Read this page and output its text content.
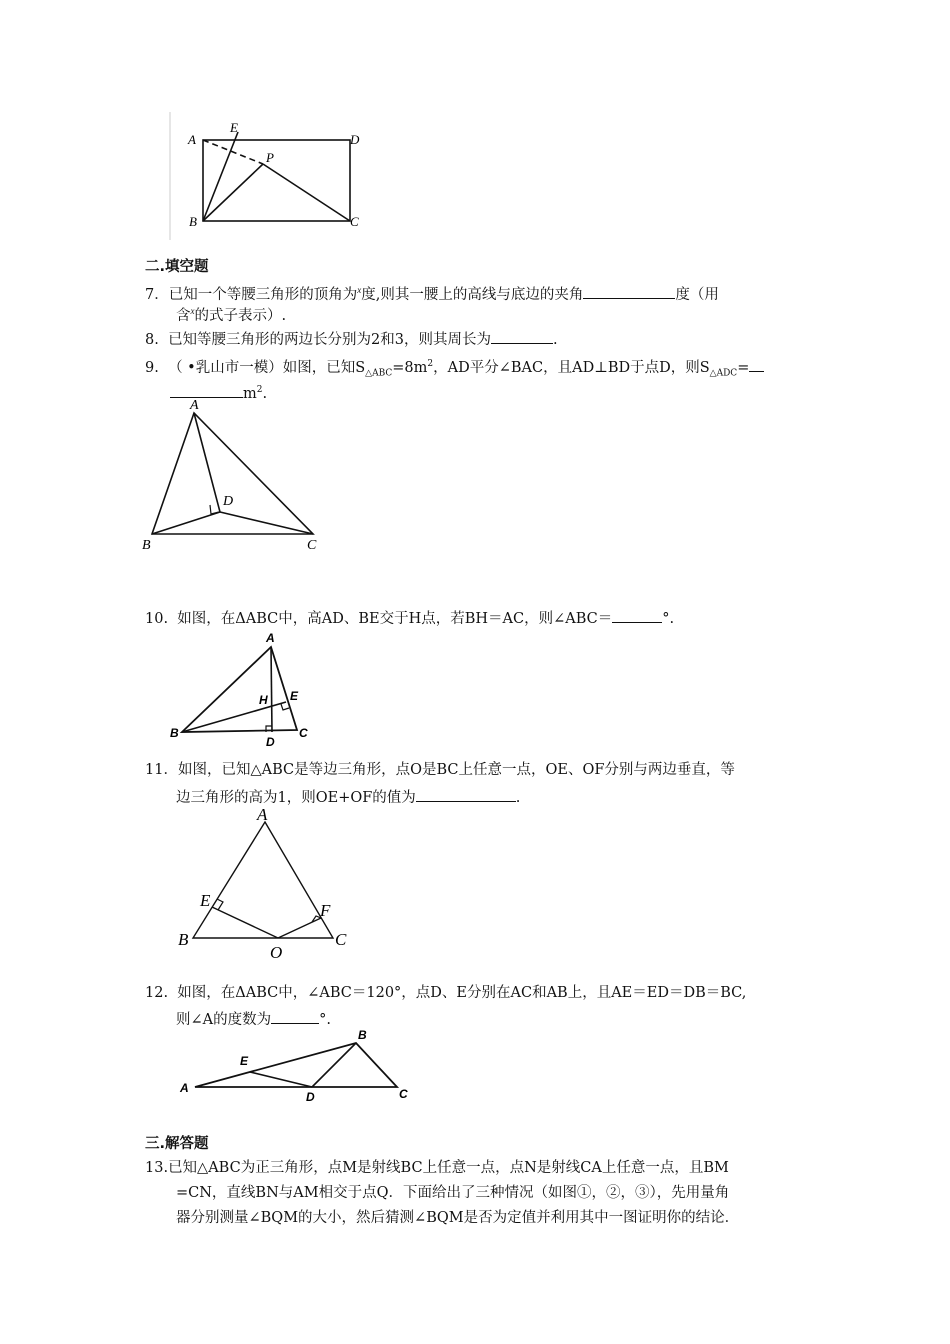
A
E
D
P
B	C
二.填空题
7．已知一个等腰三角形的顶角为$^x$度,则其一腰上的高线与底边的夹角	度（用
含$^x$的式子表示）.
8. 已知等腰三角形的两边长分别为2和3，则其周长为	.
9. （ •乳山市一模）如图，已知$S_{\triangle ABC}=8m^2$，AD平分∠BAC，且AD⊥BD于点D，则$S_{\triangle ADC}=$
$m^2$.
A
D
B	C
10. 如图，在ΔABC中，高AD、BE交于H点，若BH＝AC，则∠ABC＝	°.
A
H E
B
D
C
11．如图，已知△ABC是等边三角形，点O是BC上任意一点，OE、OF分别与两边垂直，等
边三角形的高为1，则OE+OF的值为	.
A
E
F
B
O
C
12. 如图，在ΔABC中，∠ABC＝120°，点D、E分别在AC和AB上，且AE＝ED＝DB＝BC,
则∠A的度数为	°.
B
E
A
D	C
三.解答题
13.已知△ABC为正三角形，点M是射线BC上任意一点，点N是射线CA上任意一点，且BM
=CN，直线BN与AM相交于点Q．下面给出了三种情况（如图①，②，③），先用量角
器分别测量∠BQM的大小，然后猜测∠BQM是否为定值并利用其中一图证明你的结论．
